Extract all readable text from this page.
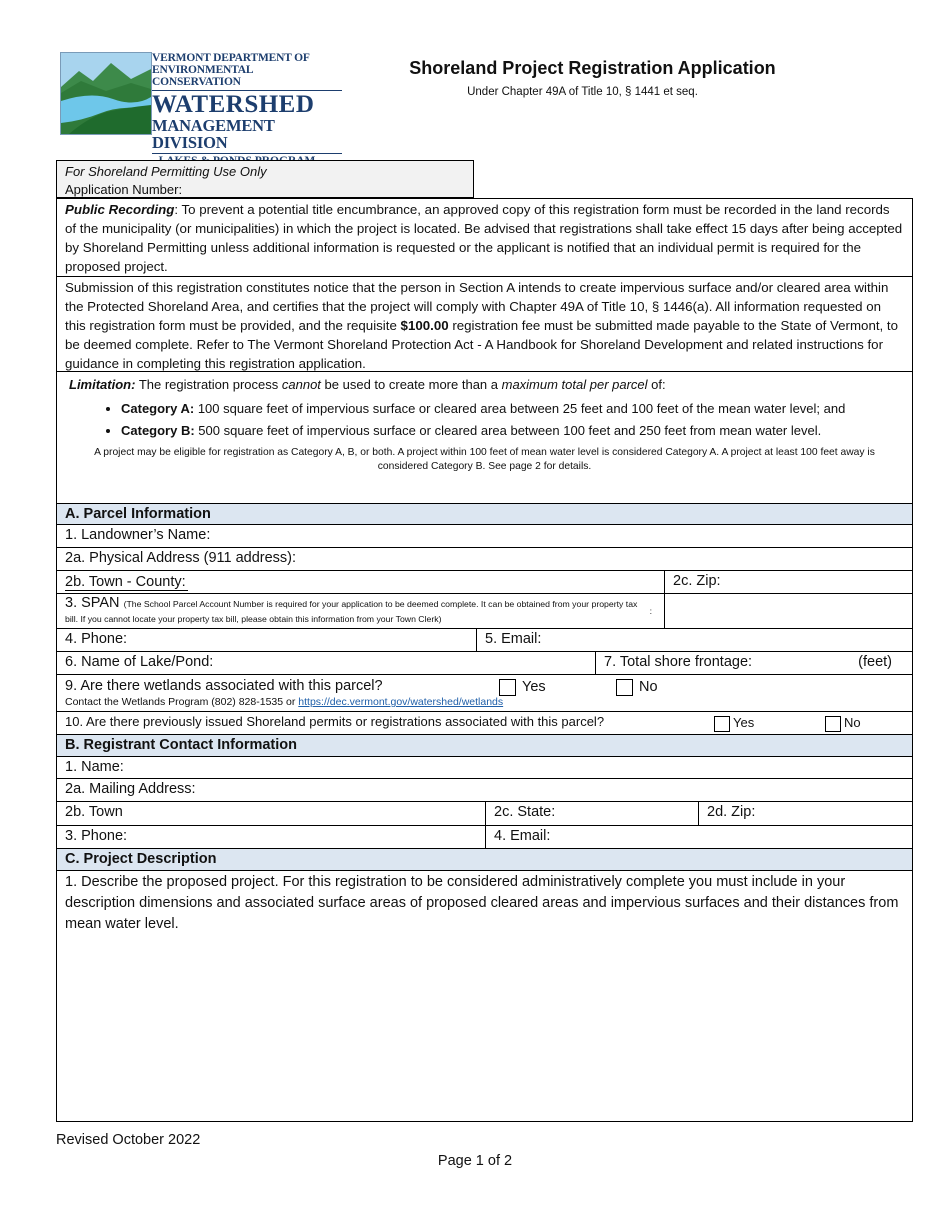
VERMONT DEPARTMENT OF
ENVIRONMENTAL CONSERVATION
WATERSHED
MANAGEMENT DIVISION
Shoreland Project Registration Application
Under Chapter 49A of Title 10, § 1441 et seq.
For Shoreland Permitting Use Only
Application Number:
Public Recording: To prevent a potential title encumbrance, an approved copy of this registration form must be recorded in the land records of the municipality (or municipalities) in which the project is located. Be advised that registrations shall take effect 15 days after being accepted by Shoreland Permitting unless additional information is requested or the applicant is notified that an individual permit is required for the proposed project.
Submission of this registration constitutes notice that the person in Section A intends to create impervious surface and/or cleared area within the Protected Shoreland Area, and certifies that the project will comply with Chapter 49A of Title 10, § 1446(a). All information requested on this registration form must be provided, and the requisite $100.00 registration fee must be submitted made payable to the State of Vermont, to be deemed complete. Refer to The Vermont Shoreland Protection Act - A Handbook for Shoreland Development and related instructions for guidance in completing this registration application.
Limitation: The registration process cannot be used to create more than a maximum total per parcel of:
• Category A: 100 square feet of impervious surface or cleared area between 25 feet and 100 feet of the mean water level; and
• Category B: 500 square feet of impervious surface or cleared area between 100 feet and 250 feet from mean water level.
A project may be eligible for registration as Category A, B, or both. A project within 100 feet of mean water level is considered Category A. A project at least 100 feet away is considered Category B. See page 2 for details.
A. Parcel Information
1. Landowner’s Name:
2a. Physical Address (911 address):
2b. Town - County:	2c. Zip:
3. SPAN (The School Parcel Account Number is required for your application to be deemed complete. It can be obtained from your property tax bill. If you cannot locate your property tax bill, please obtain this information from your Town Clerk)
:
4. Phone:	5. Email:
6. Name of Lake/Pond:	7. Total shore frontage:	(feet)
9. Are there wetlands associated with this parcel?	Yes	No
Contact the Wetlands Program (802) 828-1535 or https://dec.vermont.gov/watershed/wetlands
10. Are there previously issued Shoreland permits or registrations associated with this parcel?	Yes	No
B. Registrant Contact Information
1. Name:
2a. Mailing Address:
2b. Town	2c. State:	2d. Zip:
3. Phone:	4. Email:
C. Project Description
1. Describe the proposed project. For this registration to be considered administratively complete you must include in your description dimensions and associated surface areas of proposed cleared areas and impervious surfaces and their distances from mean water level.
Revised October 2022
Page 1 of 2
